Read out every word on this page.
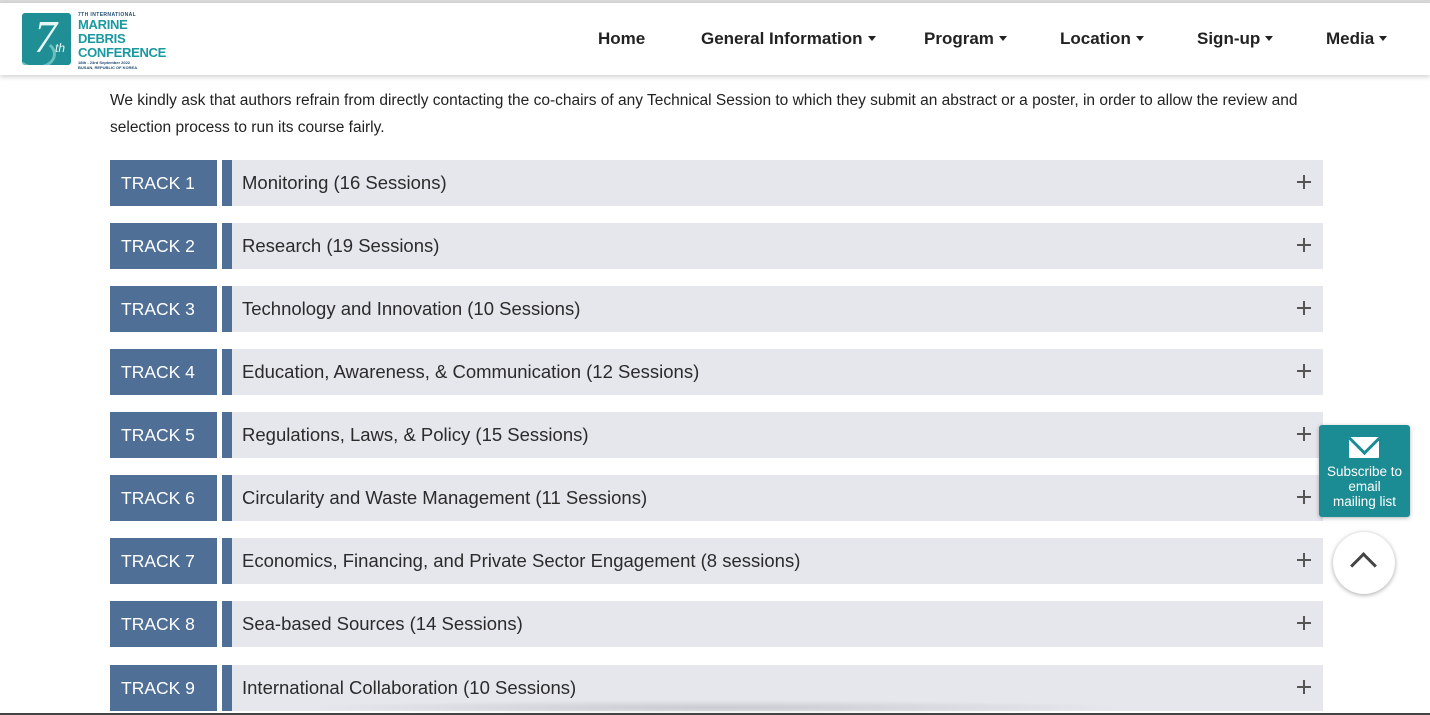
7
th
7TH INTERNATIONAL
MARINE DEBRIS
CONFERENCE
18th - 23rd September 2022
BUSAN, REPUBLIC OF KOREA
Home	General Information	Program	Location	Sign-up	Media

We kindly ask that authors refrain from directly contacting the co-chairs of any Technical Session to which they submit an abstract or a poster, in order to allow the review and selection process to run its course fairly.

TRACK 1	Monitoring (16 Sessions)
TRACK 2	Research (19 Sessions)
TRACK 3	Technology and Innovation (10 Sessions)
TRACK 4	Education, Awareness, & Communication (12 Sessions)
TRACK 5	Regulations, Laws, & Policy (15 Sessions)
TRACK 6	Circularity and Waste Management (11 Sessions)
TRACK 7	Economics, Financing, and Private Sector Engagement (8 sessions)
TRACK 8	Sea-based Sources (14 Sessions)
TRACK 9	International Collaboration (10 Sessions)
Subscribe to
email
mailing list
